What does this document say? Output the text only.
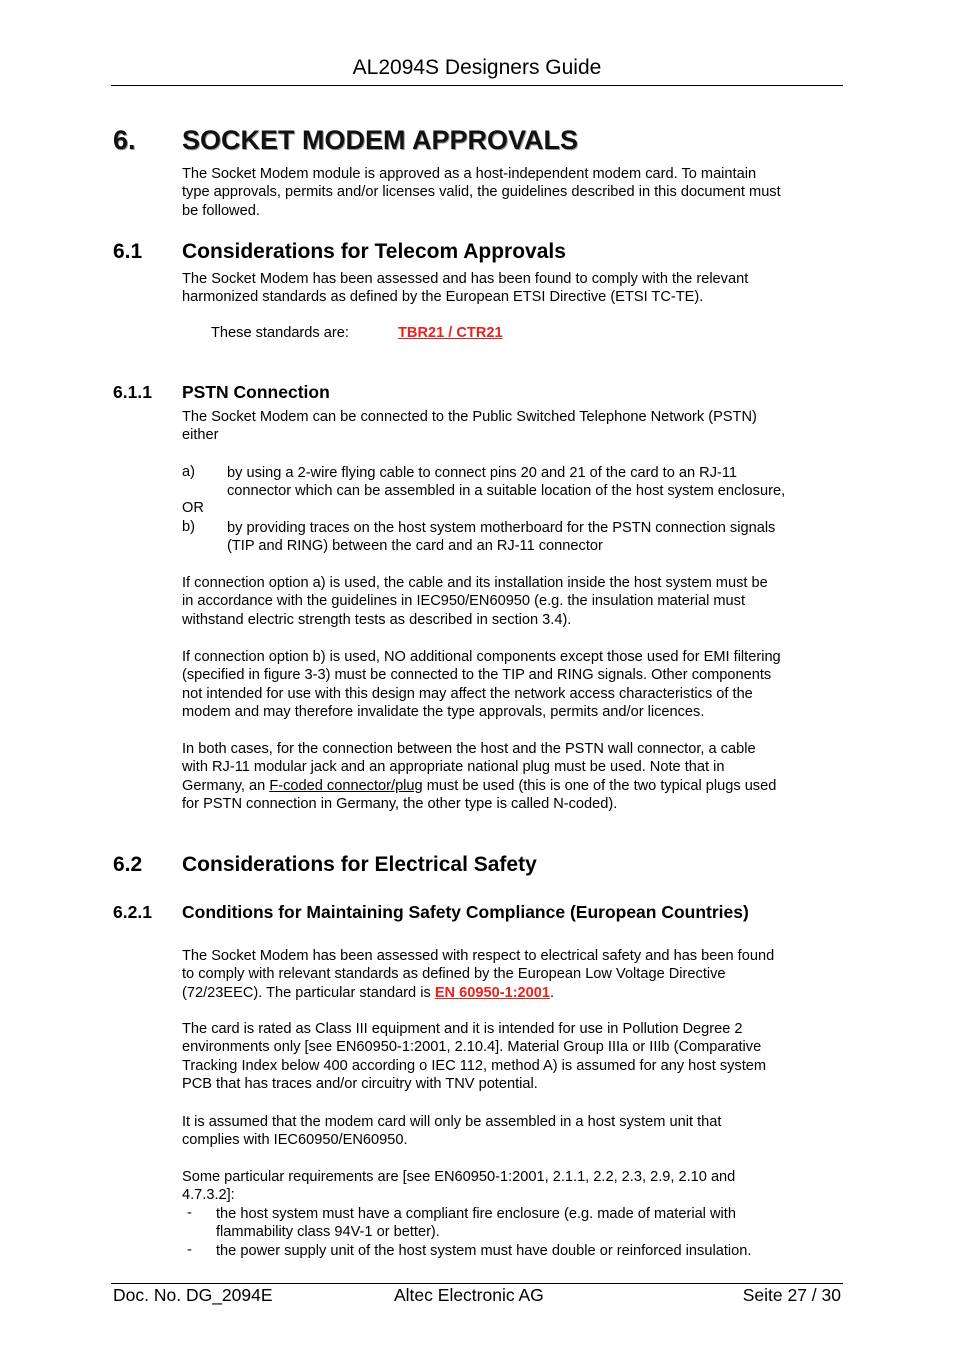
AL2094S Designers Guide
6. SOCKET MODEM APPROVALS

The Socket Modem module is approved as a host-independent modem card. To maintain
type approvals, permits and/or licenses valid, the guidelines described in this document must
be followed.

6.1 Considerations for Telecom Approvals

The Socket Modem has been assessed and has been found to comply with the relevant
harmonized standards as defined by the European ETSI Directive (ETSI TC-TE).

These standards are:	TBR21 / CTR21
6.1.1 PSTN Connection

The Socket Modem can be connected to the Public Switched Telephone Network (PSTN)
either

a) by using a 2-wire flying cable to connect pins 20 and 21 of the card to an RJ-11
connector which can be assembled in a suitable location of the host system enclosure,

OR
b) by providing traces on the host system motherboard for the PSTN connection signals
(TIP and RING) between the card and an RJ-11 connector

If connection option a) is used, the cable and its installation inside the host system must be
in accordance with the guidelines in IEC950/EN60950 (e.g. the insulation material must
withstand electric strength tests as described in section 3.4).

If connection option b) is used, NO additional components except those used for EMI filtering
(specified in figure 3-3) must be connected to the TIP and RING signals. Other components
not intended for use with this design may affect the network access characteristics of the
modem and may therefore invalidate the type approvals, permits and/or licences.

In both cases, for the connection between the host and the PSTN wall connector, a cable
with RJ-11 modular jack and an appropriate national plug must be used. Note that in
Germany, an F-coded connector/plug must be used (this is one of the two typical plugs used
for PSTN connection in Germany, the other type is called N-coded).

6.2 Considerations for Electrical Safety
6.2.1 Conditions for Maintaining Safety Compliance (European Countries)

The Socket Modem has been assessed with respect to electrical safety and has been found
to comply with relevant standards as defined by the European Low Voltage Directive
(72/23EEC). The particular standard is EN 60950-1:2001.

The card is rated as Class III equipment and it is intended for use in Pollution Degree 2
environments only [see EN60950-1:2001, 2.10.4]. Material Group IIIa or IIIb (Comparative
Tracking Index below 400 according o IEC 112, method A) is assumed for any host system
PCB that has traces and/or circuitry with TNV potential.

It is assumed that the modem card will only be assembled in a host system unit that
complies with IEC60950/EN60950.

Some particular requirements are [see EN60950-1:2001, 2.1.1, 2.2, 2.3, 2.9, 2.10 and
4.7.3.2]:

- the host system must have a compliant fire enclosure (e.g. made of material with
flammability class 94V-1 or better).

- the power supply unit of the host system must have double or reinforced insulation.

Doc. No. DG_2094E	Altec Electronic AG	Seite 27 / 30
